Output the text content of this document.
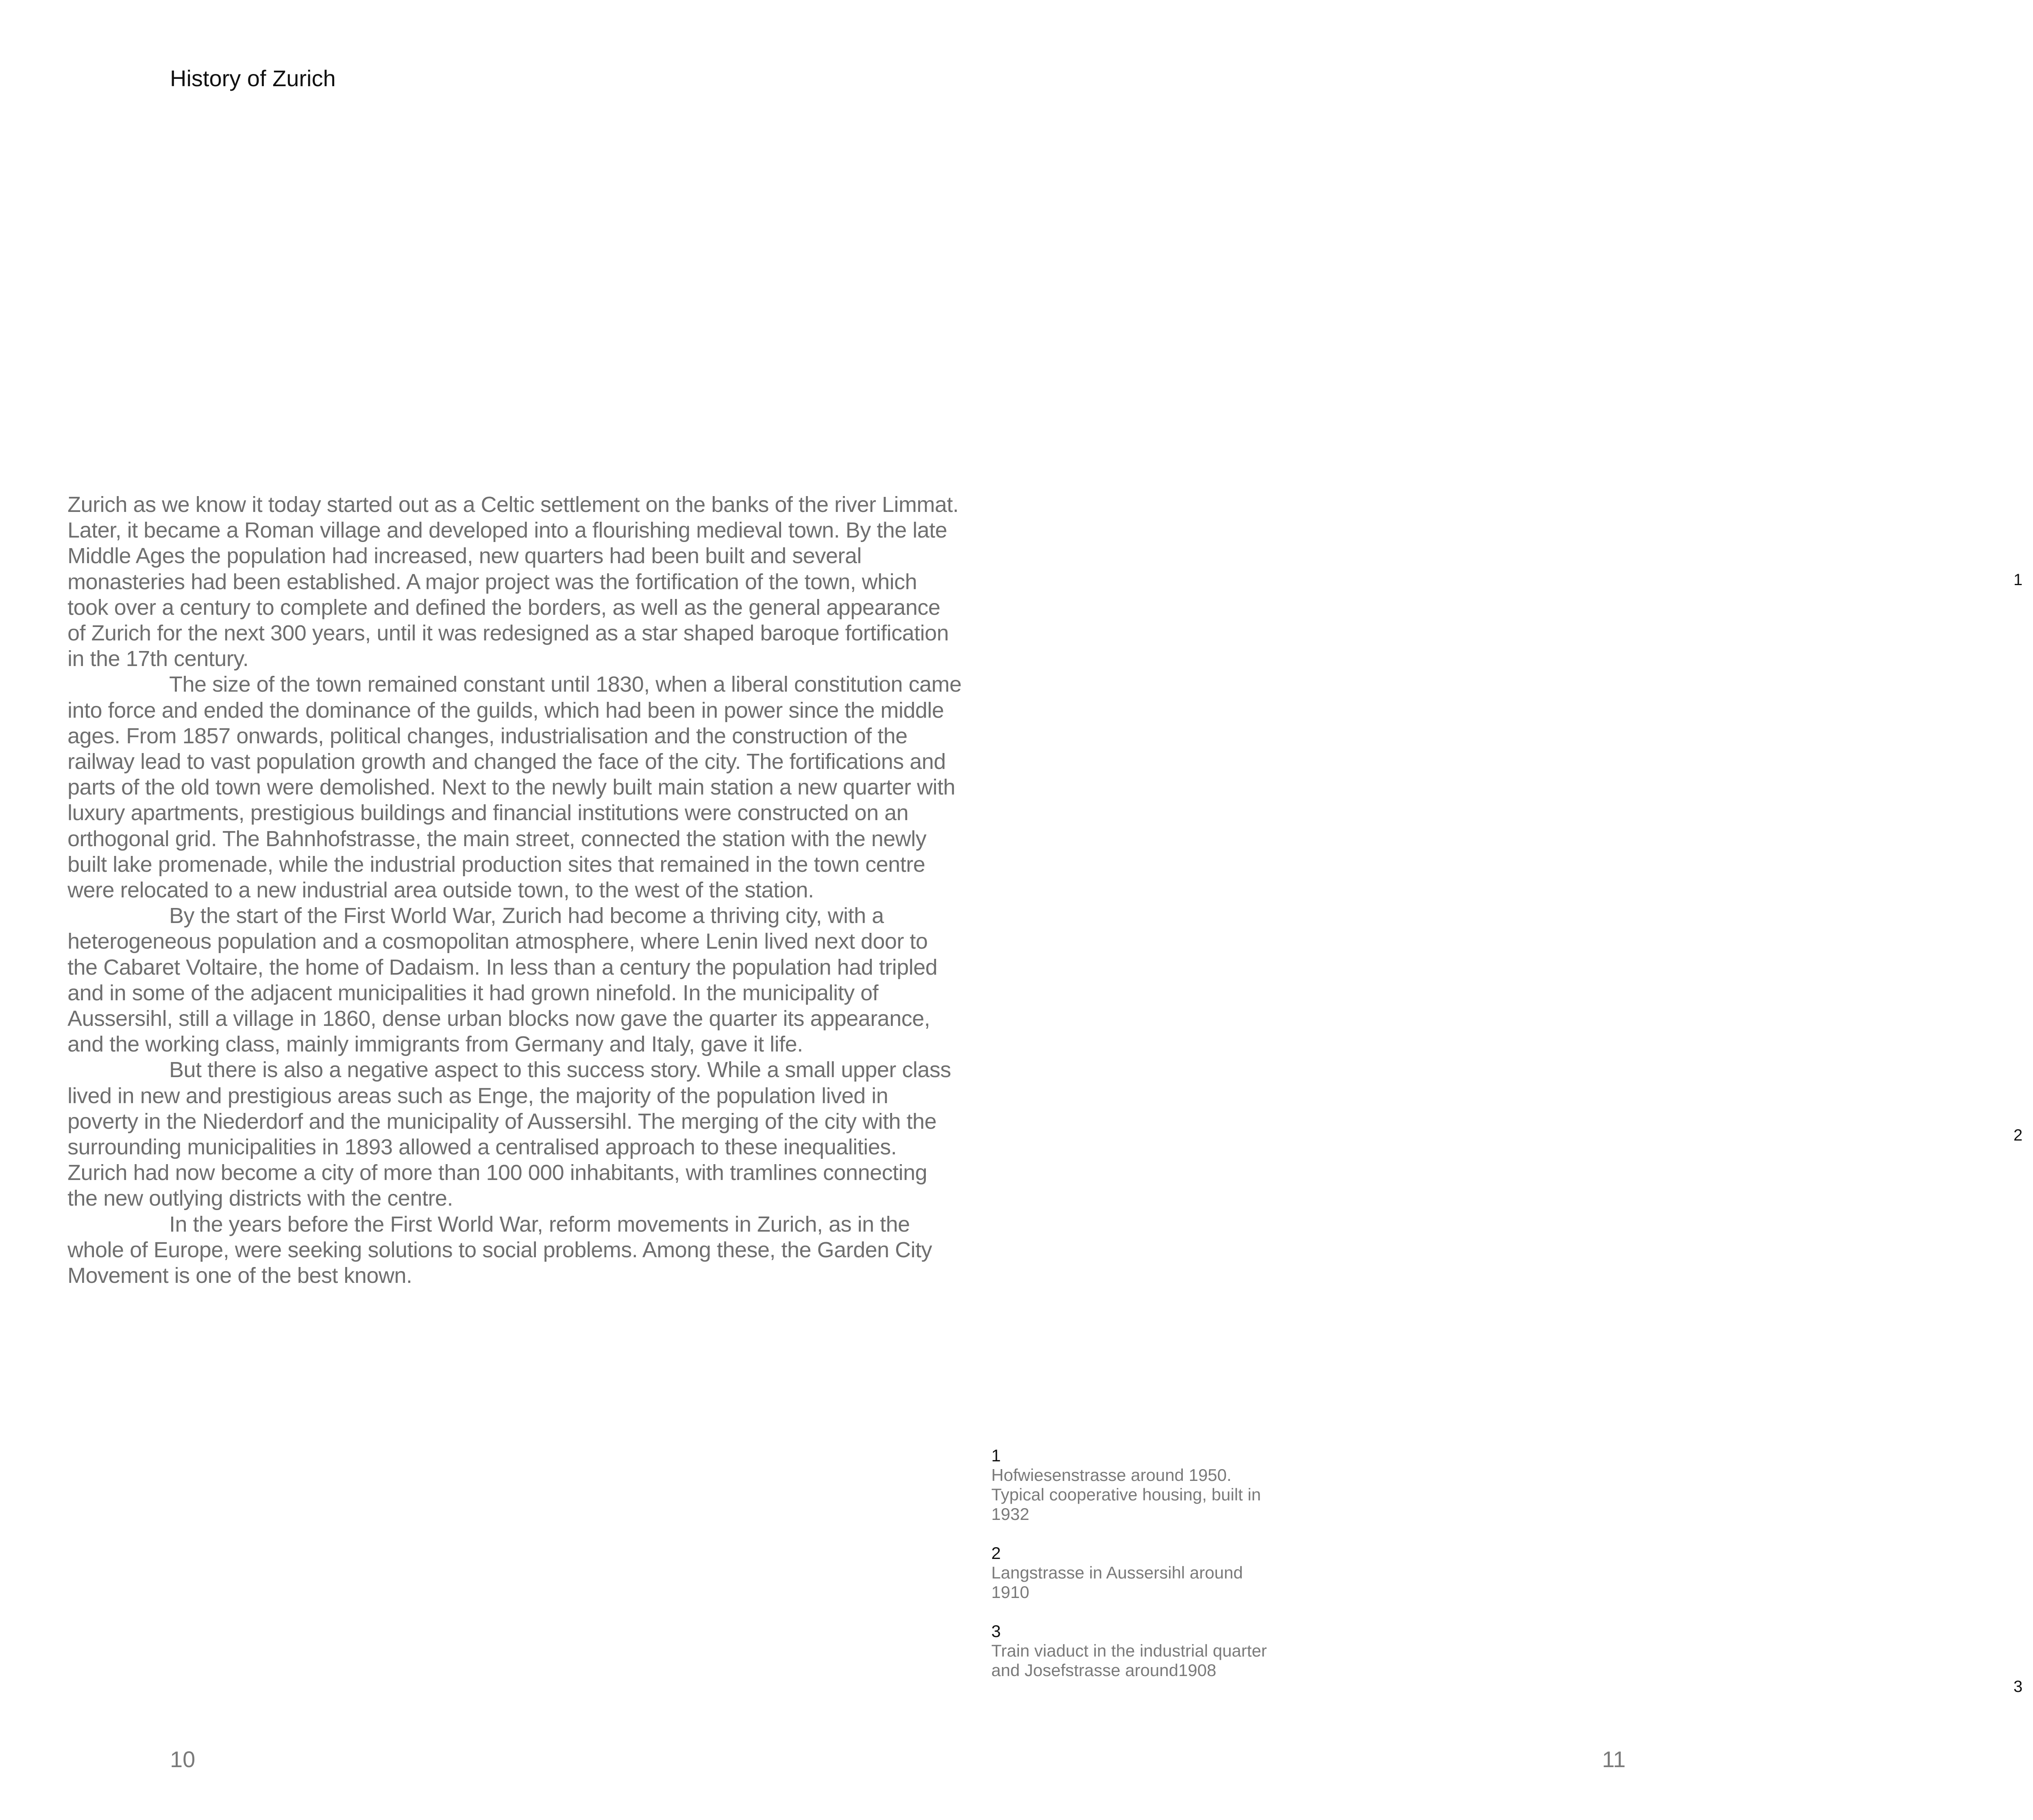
History of Zurich

Zurich as we know it today started out as a Celtic settlement on the banks of the river Limmat. Later, it became a Roman village and developed into a flourishing medieval town. By the late Middle Ages the population had increased, new quarters had been built and several monasteries had been established. A major project was the fortification of the town, which took over a century to complete and defined the borders, as well as the general appearance of Zurich for the next 300 years, until it was redesigned as a star shaped baroque fortification in the 17th century.

The size of the town remained constant until 1830, when a liberal constitution came into force and ended the dominance of the guilds, which had been in power since the middle ages. From 1857 onwards, political changes, industrialisation and the construction of the railway lead to vast population growth and changed the face of the city. The fortifications and parts of the old town were demolished. Next to the newly built main station a new quarter with luxury apartments, prestigious buildings and financial institutions were constructed on an orthogonal grid. The Bahnhofstrasse, the main street, connected the station with the newly built lake promenade, while the industrial production sites that remained in the town centre were relocated to a new industrial area outside town, to the west of the station.

By the start of the First World War, Zurich had become a thriving city, with a heterogeneous population and a cosmopolitan atmosphere, where Lenin lived next door to the Cabaret Voltaire, the home of Dadaism. In less than a century the population had tripled and in some of the adjacent municipalities it had grown ninefold. In the municipality of Aussersihl, still a village in 1860, dense urban blocks now gave the quarter its appearance, and the working class, mainly immigrants from Germany and Italy, gave it life.

But there is also a negative aspect to this success story. While a small upper class lived in new and prestigious areas such as Enge, the majority of the population lived in poverty in the Niederdorf and the municipality of Aussersihl. The merging of the city with the surrounding municipalities in 1893 allowed a centralised approach to these inequalities. Zurich had now become a city of more than 100 000 inhabitants, with tramlines connecting the new outlying districts with the centre.

In the years before the First World War, reform movements in Zurich, as in the whole of Europe, were seeking solutions to social problems. Among these, the Garden City Movement is one of the best known.

1
Hofwiesenstrasse around 1950. Typical cooperative housing, built in 1932
2
Langstrasse in Aussersihl around 1910
3
Train viaduct in the industrial quarter and Josefstrasse around1908
1
2
3
10	11
